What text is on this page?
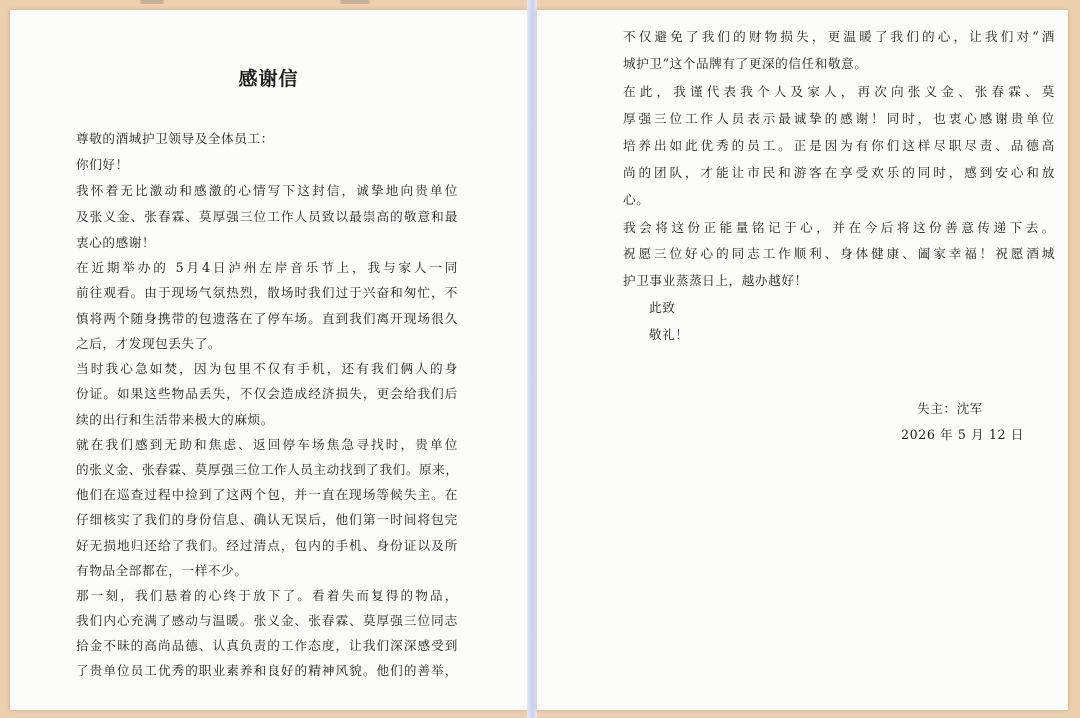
感谢信
尊敬的酒城护卫领导及全体员工：
你们好！
我怀着无比激动和感激的心情写下这封信，诚挚地向贵单位
及张义金、张春霖、莫厚强三位工作人员致以最崇高的敬意和最
衷心的感谢！
在近期举办的 5月4日泸州左岸音乐节上，我与家人一同
前往观看。由于现场气氛热烈，散场时我们过于兴奋和匆忙，不
慎将两个随身携带的包遗落在了停车场。直到我们离开现场很久
之后，才发现包丢失了。
当时我心急如焚，因为包里不仅有手机，还有我们俩人的身
份证。如果这些物品丢失，不仅会造成经济损失，更会给我们后
续的出行和生活带来极大的麻烦。
就在我们感到无助和焦虑、返回停车场焦急寻找时，贵单位
的张义金、张春霖、莫厚强三位工作人员主动找到了我们。原来，
他们在巡查过程中捡到了这两个包，并一直在现场等候失主。在
仔细核实了我们的身份信息、确认无误后，他们第一时间将包完
好无损地归还给了我们。经过清点，包内的手机、身份证以及所
有物品全部都在，一样不少。
那一刻，我们悬着的心终于放下了。看着失而复得的物品，
我们内心充满了感动与温暖。张义金、张春霖、莫厚强三位同志
拾金不昧的高尚品德、认真负责的工作态度，让我们深深感受到
了贵单位员工优秀的职业素养和良好的精神风貌。他们的善举，
不仅避免了我们的财物损失，更温暖了我们的心，让我们对“酒
城护卫”这个品牌有了更深的信任和敬意。
在此，我谨代表我个人及家人，再次向张义金、张春霖、莫
厚强三位工作人员表示最诚挚的感谢！同时，也衷心感谢贵单位
培养出如此优秀的员工。正是因为有你们这样尽职尽责、品德高
尚的团队，才能让市民和游客在享受欢乐的同时，感到安心和放
心。
我会将这份正能量铭记于心，并在今后将这份善意传递下去。
祝愿三位好心的同志工作顺利、身体健康、阖家幸福！祝愿酒城
护卫事业蒸蒸日上，越办越好！
此致
敬礼！
失主：沈军
2026 年 5 月 12 日
